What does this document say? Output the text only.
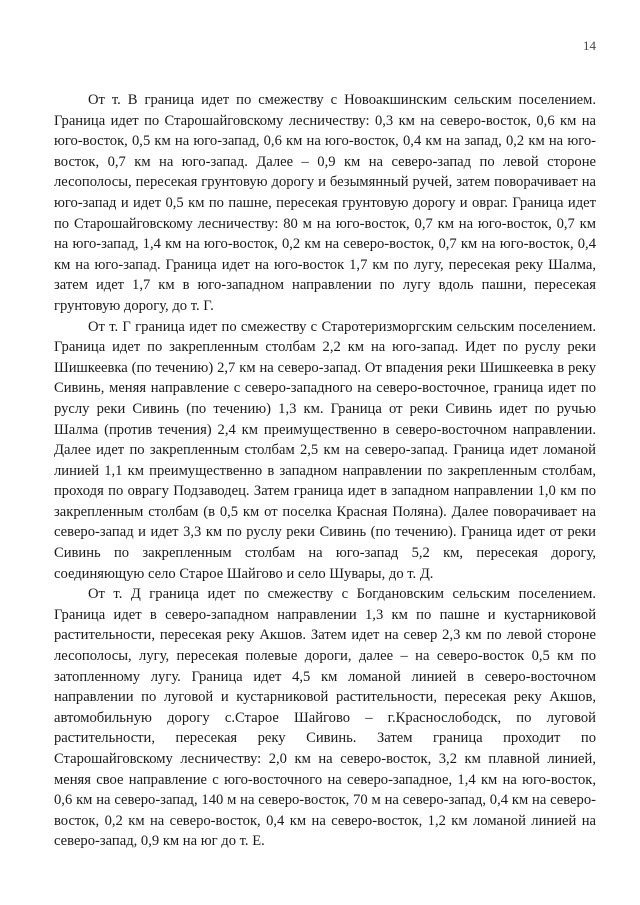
14

От т. В граница идет по смежеству с Новоакшинским сельским поселением. Граница идет по Старошайговскому лесничеству: 0,3 км на северо-восток, 0,6 км на юго-восток, 0,5 км на юго-запад, 0,6 км на юго-восток, 0,4 км на запад, 0,2 км на юго-восток, 0,7 км на юго-запад. Далее – 0,9 км на северо-запад по левой стороне лесополосы, пересекая грунтовую дорогу и безымянный ручей, затем поворачивает на юго-запад и идет 0,5 км по пашне, пересекая грунтовую дорогу и овраг. Граница идет по Старошайговскому лесничеству: 80 м на юго-восток, 0,7 км на юго-восток, 0,7 км на юго-запад, 1,4 км на юго-восток, 0,2 км на северо-восток, 0,7 км на юго-восток, 0,4 км на юго-запад. Граница идет на юго-восток 1,7 км по лугу, пересекая реку Шалма, затем идет 1,7 км в юго-западном направлении по лугу вдоль пашни, пересекая грунтовую дорогу, до т. Г.

От т. Г граница идет по смежеству с Старотеризморгским сельским поселением. Граница идет по закрепленным столбам 2,2 км на юго-запад. Идет по руслу реки Шишкеевка (по течению) 2,7 км на северо-запад. От впадения реки Шишкеевка в реку Сивинь, меняя направление с северо-западного на северо-восточное, граница идет по руслу реки Сивинь (по течению) 1,3 км. Граница от реки Сивинь идет по ручью Шалма (против течения) 2,4 км преимущественно в северо-восточном направлении. Далее идет по закрепленным столбам 2,5 км на северо-запад. Граница идет ломаной линией 1,1 км преимущественно в западном направлении по закрепленным столбам, проходя по оврагу Подзаводец. Затем граница идет в западном направлении 1,0 км по закрепленным столбам (в 0,5 км от поселка Красная Поляна). Далее поворачивает на северо-запад и идет 3,3 км по руслу реки Сивинь (по течению). Граница идет от реки Сивинь по закрепленным столбам на юго-запад 5,2 км, пересекая дорогу, соединяющую село Старое Шайгово и село Шувары, до т. Д.

От т. Д граница идет по смежеству с Богдановским сельским поселением. Граница идет в северо-западном направлении 1,3 км по пашне и кустарниковой растительности, пересекая реку Акшов. Затем идет на север 2,3 км по левой стороне лесополосы, лугу, пересекая полевые дороги, далее – на северо-восток 0,5 км по затопленному лугу. Граница идет 4,5 км ломаной линией в северо-восточном направлении по луговой и кустарниковой растительности, пересекая реку Акшов, автомобильную дорогу с.Старое Шайгово – г.Краснослободск, по луговой растительности, пересекая реку Сивинь. Затем граница проходит по Старошайговскому лесничеству: 2,0 км на северо-восток, 3,2 км плавной линией, меняя свое направление с юго-восточного на северо-западное, 1,4 км на юго-восток, 0,6 км на северо-запад, 140 м на северо-восток, 70 м на северо-запад, 0,4 км на северо-восток, 0,2 км на северо-восток, 0,4 км на северо-восток, 1,2 км ломаной линией на северо-запад, 0,9 км на юг до т. Е.
